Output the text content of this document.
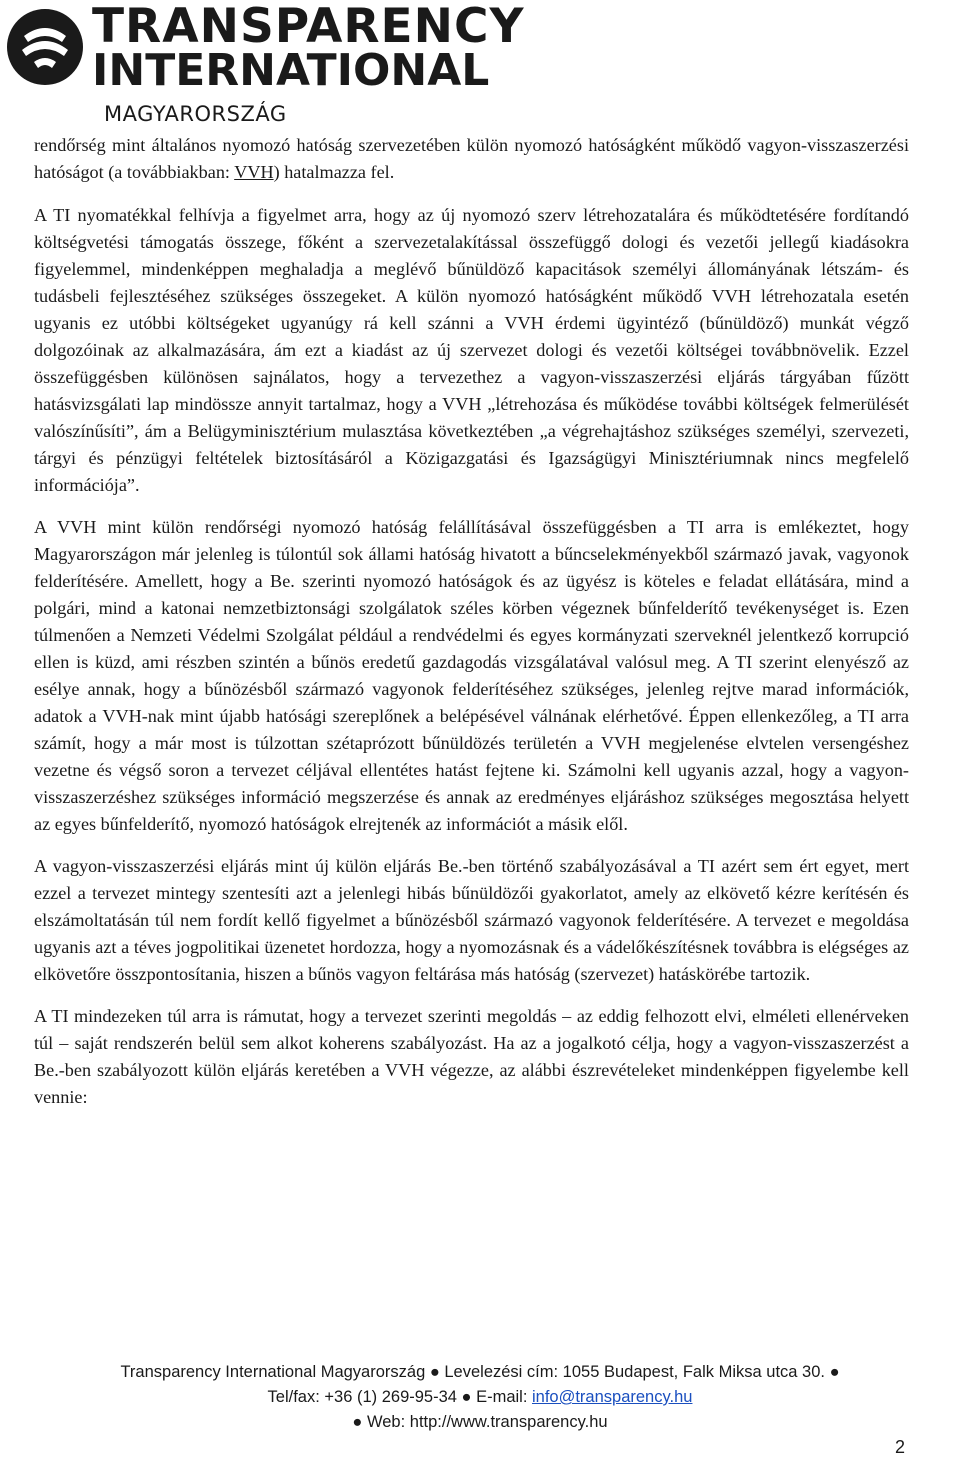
TRANSPARENCY
INTERNATIONAL
MAGYARORSZÁG

rendőrség mint általános nyomozó hatóság szervezetében külön nyomozó hatóságként működő vagyon-visszaszerzési hatóságot (a továbbiakban: VVH) hatalmazza fel.

A TI nyomatékkal felhívja a figyelmet arra, hogy az új nyomozó szerv létrehozatalára és működtetésére fordítandó költségvetési támogatás összege, főként a szervezetalakítással összefüggő dologi és vezetői jellegű kiadásokra figyelemmel, mindenképpen meghaladja a meglévő bűnüldöző kapacitások személyi állományának létszám- és tudásbeli fejlesztéséhez szükséges összegeket. A külön nyomozó hatóságként működő VVH létrehozatala esetén ugyanis ez utóbbi költségeket ugyanúgy rá kell szánni a VVH érdemi ügyintéző (bűnüldöző) munkát végző dolgozóinak az alkalmazására, ám ezt a kiadást az új szervezet dologi és vezetői költségei továbbnövelik. Ezzel összefüggésben különösen sajnálatos, hogy a tervezethez a vagyon-visszaszerzési eljárás tárgyában fűzött hatásvizsgálati lap mindössze annyit tartalmaz, hogy a VVH „létrehozása és működése további költségek felmerülését valószínűsíti”, ám a Belügyminisztérium mulasztása következtében „a végrehajtáshoz szükséges személyi, szervezeti, tárgyi és pénzügyi feltételek biztosításáról a Közigazgatási és Igazságügyi Minisztériumnak nincs megfelelő információja”.

A VVH mint külön rendőrségi nyomozó hatóság felállításával összefüggésben a TI arra is emlékeztet, hogy Magyarországon már jelenleg is túlontúl sok állami hatóság hivatott a bűncselekményekből származó javak, vagyonok felderítésére. Amellett, hogy a Be. szerinti nyomozó hatóságok és az ügyész is köteles e feladat ellátására, mind a polgári, mind a katonai nemzetbiztonsági szolgálatok széles körben végeznek bűnfelderítő tevékenységet is. Ezen túlmenően a Nemzeti Védelmi Szolgálat például a rendvédelmi és egyes kormányzati szerveknél jelentkező korrupció ellen is küzd, ami részben szintén a bűnös eredetű gazdagodás vizsgálatával valósul meg. A TI szerint elenyésző az esélye annak, hogy a bűnözésből származó vagyonok felderítéséhez szükséges, jelenleg rejtve marad információk, adatok a VVH-nak mint újabb hatósági szereplőnek a belépésével válnának elérhetővé. Éppen ellenkezőleg, a TI arra számít, hogy a már most is túlzottan szétaprózott bűnüldözés területén a VVH megjelenése elvtelen versengéshez vezetne és végső soron a tervezet céljával ellentétes hatást fejtene ki. Számolni kell ugyanis azzal, hogy a vagyon-visszaszerzéshez szükséges információ megszerzése és annak az eredményes eljáráshoz szükséges megosztása helyett az egyes bűnfelderítő, nyomozó hatóságok elrejtenék az információt a másik elől.

A vagyon-visszaszerzési eljárás mint új külön eljárás Be.-ben történő szabályozásával a TI azért sem ért egyet, mert ezzel a tervezet mintegy szentesíti azt a jelenlegi hibás bűnüldözői gyakorlatot, amely az elkövető kézre kerítésén és elszámoltatásán túl nem fordít kellő figyelmet a bűnözésből származó vagyonok felderítésére. A tervezet e megoldása ugyanis azt a téves jogpolitikai üzenetet hordozza, hogy a nyomozásnak és a vádelőkészítésnek továbbra is elégséges az elkövetőre összpontosítania, hiszen a bűnös vagyon feltárása más hatóság (szervezet) hatáskörébe tartozik.

A TI mindezeken túl arra is rámutat, hogy a tervezet szerinti megoldás – az eddig felhozott elvi, elméleti ellenérveken túl – saját rendszerén belül sem alkot koherens szabályozást. Ha az a jogalkotó célja, hogy a vagyon-visszaszerzést a Be.-ben szabályozott külön eljárás keretében a VVH végezze, az alábbi észrevételeket mindenképpen figyelembe kell vennie:

Transparency International Magyarország ● Levelezési cím: 1055 Budapest, Falk Miksa utca 30. ●
Tel/fax: +36 (1) 269-95-34 ● E-mail: info@transparency.hu
● Web: http://www.transparency.hu
2
